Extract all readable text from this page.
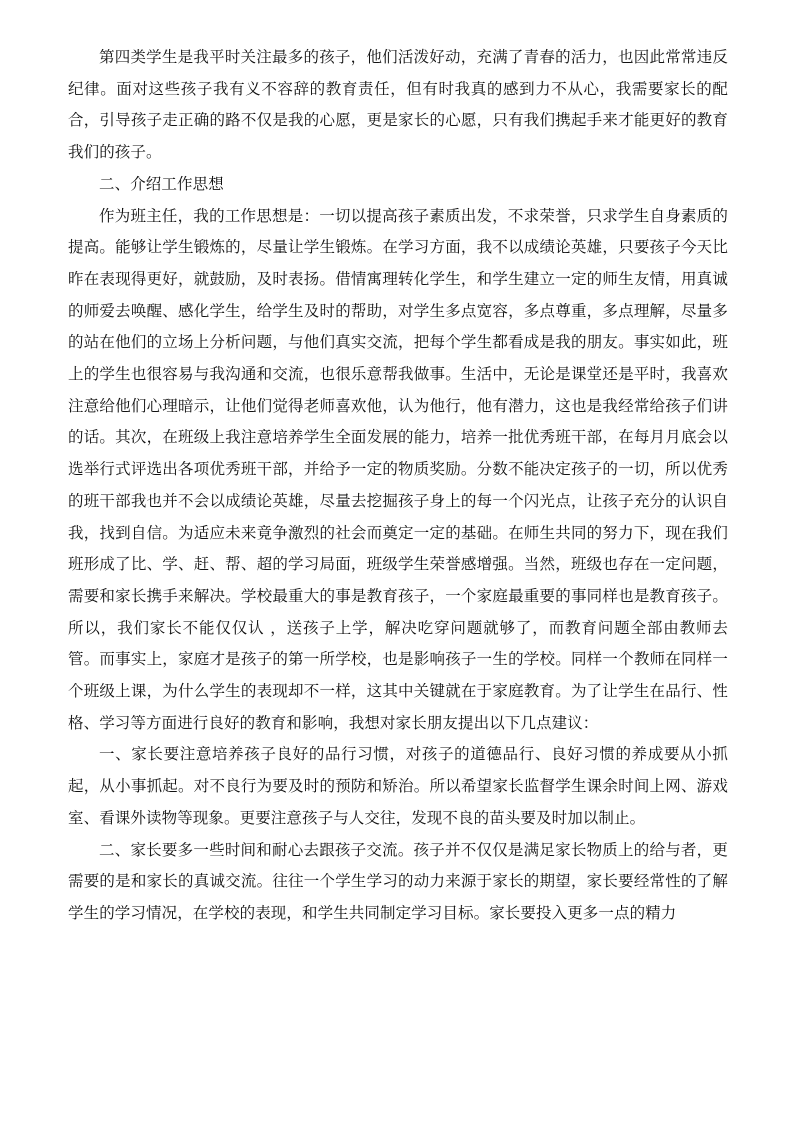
第四类学生是我平时关注最多的孩子，他们活泼好动，充满了青春的活力，也因此常常违反纪律。面对这些孩子我有义不容辞的教育责任，但有时我真的感到力不从心，我需要家长的配合，引导孩子走正确的路不仅是我的心愿，更是家长的心愿，只有我们携起手来才能更好的教育我们的孩子。

二、介绍工作思想

作为班主任，我的工作思想是：一切以提高孩子素质出发，不求荣誉，只求学生自身素质的提高。能够让学生锻炼的，尽量让学生锻炼。在学习方面，我不以成绩论英雄，只要孩子今天比昨在表现得更好，就鼓励，及时表扬。借情寓理转化学生，和学生建立一定的师生友情，用真诚的师爱去唤醒、感化学生，给学生及时的帮助，对学生多点宽容，多点尊重，多点理解，尽量多的站在他们的立场上分析问题，与他们真实交流，把每个学生都看成是我的朋友。事实如此，班上的学生也很容易与我沟通和交流，也很乐意帮我做事。生活中，无论是课堂还是平时，我喜欢注意给他们心理暗示，让他们觉得老师喜欢他，认为他行，他有潜力，这也是我经常给孩子们讲的话。其次，在班级上我注意培养学生全面发展的能力，培养一批优秀班干部，在每月月底会以选举行式评选出各项优秀班干部，并给予一定的物质奖励。分数不能决定孩子的一切，所以优秀的班干部我也并不会以成绩论英雄，尽量去挖掘孩子身上的每一个闪光点，让孩子充分的认识自我，找到自信。为适应未来竟争激烈的社会而奠定一定的基础。在师生共同的努力下，现在我们班形成了比、学、赶、帮、超的学习局面，班级学生荣誉感增强。当然，班级也存在一定问题，需要和家长携手来解决。学校最重大的事是教育孩子，一个家庭最重要的事同样也是教育孩子。所以，我们家长不能仅仅认 ，送孩子上学，解决吃穿问题就够了，而教育问题全部由教师去管。而事实上，家庭才是孩子的第一所学校，也是影响孩子一生的学校。同样一个教师在同样一个班级上课，为什么学生的表现却不一样，这其中关键就在于家庭教育。为了让学生在品行、性格、学习等方面进行良好的教育和影响，我想对家长朋友提出以下几点建议：

一、家长要注意培养孩子良好的品行习惯，对孩子的道德品行、良好习惯的养成要从小抓起，从小事抓起。对不良行为要及时的预防和矫治。所以希望家长监督学生课余时间上网、游戏室、看课外读物等现象。更要注意孩子与人交往，发现不良的苗头要及时加以制止。

二、家长要多一些时间和耐心去跟孩子交流。孩子并不仅仅是满足家长物质上的给与者，更需要的是和家长的真诚交流。往往一个学生学习的动力来源于家长的期望，家长要经常性的了解学生的学习情况，在学校的表现，和学生共同制定学习目标。家长要投入更多一点的精力
